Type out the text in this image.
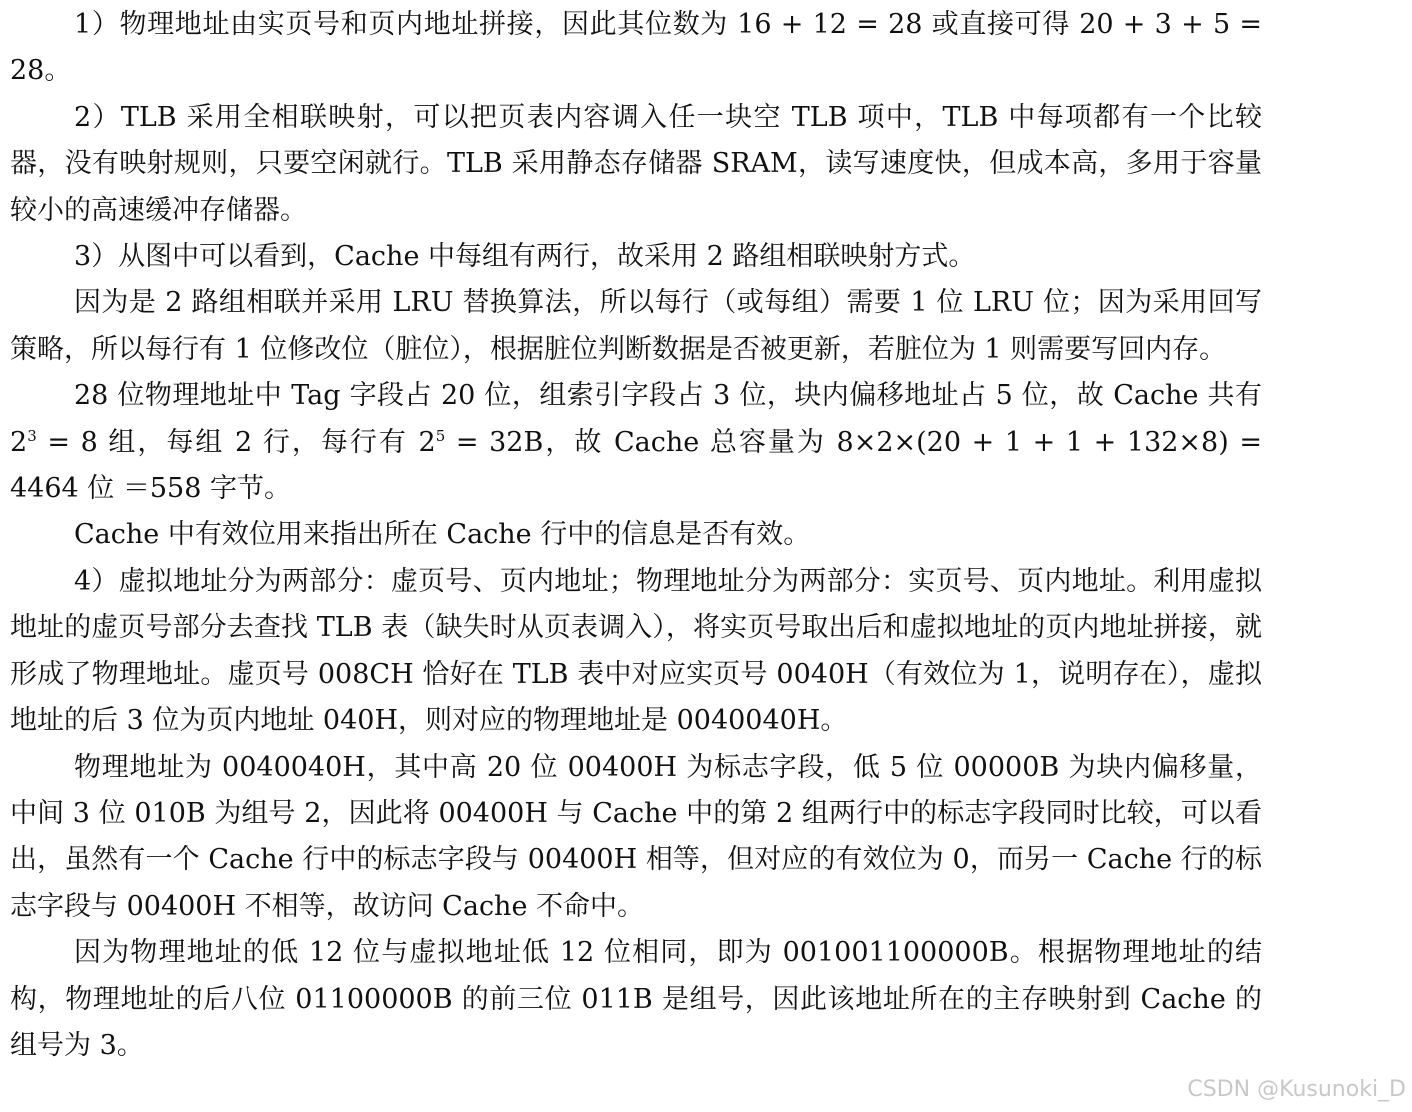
1）物理地址由实页号和页内地址拼接，因此其位数为 16 + 12 = 28 或直接可得 20 + 3 + 5 = 28。

2）TLB 采用全相联映射，可以把页表内容调入任一块空 TLB 项中，TLB 中每项都有一个比较器，没有映射规则，只要空闲就行。TLB 采用静态存储器 SRAM，读写速度快，但成本高，多用于容量较小的高速缓冲存储器。

3）从图中可以看到，Cache 中每组有两行，故采用 2 路组相联映射方式。

因为是 2 路组相联并采用 LRU 替换算法，所以每行（或每组）需要 1 位 LRU 位；因为采用回写策略，所以每行有 1 位修改位（脏位），根据脏位判断数据是否被更新，若脏位为 1 则需要写回内存。

28 位物理地址中 Tag 字段占 20 位，组索引字段占 3 位，块内偏移地址占 5 位，故 Cache 共有 $2^3 = 8$ 组，每组 2 行，每行有 $2^5 = 32B$，故 Cache 总容量为 8×2×(20 + 1 + 1 + 132×8) = 4464 位 ＝558 字节。

Cache 中有效位用来指出所在 Cache 行中的信息是否有效。

4）虚拟地址分为两部分：虚页号、页内地址；物理地址分为两部分：实页号、页内地址。利用虚拟地址的虚页号部分去查找 TLB 表（缺失时从页表调入），将实页号取出后和虚拟地址的页内地址拼接，就形成了物理地址。虚页号 008CH 恰好在 TLB 表中对应实页号 0040H（有效位为 1，说明存在），虚拟地址的后 3 位为页内地址 040H，则对应的物理地址是 0040040H。

物理地址为 0040040H，其中高 20 位 00400H 为标志字段，低 5 位 00000B 为块内偏移量，中间 3 位 010B 为组号 2，因此将 00400H 与 Cache 中的第 2 组两行中的标志字段同时比较，可以看出，虽然有一个 Cache 行中的标志字段与 00400H 相等，但对应的有效位为 0，而另一 Cache 行的标志字段与 00400H 不相等，故访问 Cache 不命中。

因为物理地址的低 12 位与虚拟地址低 12 位相同，即为 001001100000B。根据物理地址的结构，物理地址的后八位 01100000B 的前三位 011B 是组号，因此该地址所在的主存映射到 Cache 的组号为 3。

CSDN @Kusunoki_D
